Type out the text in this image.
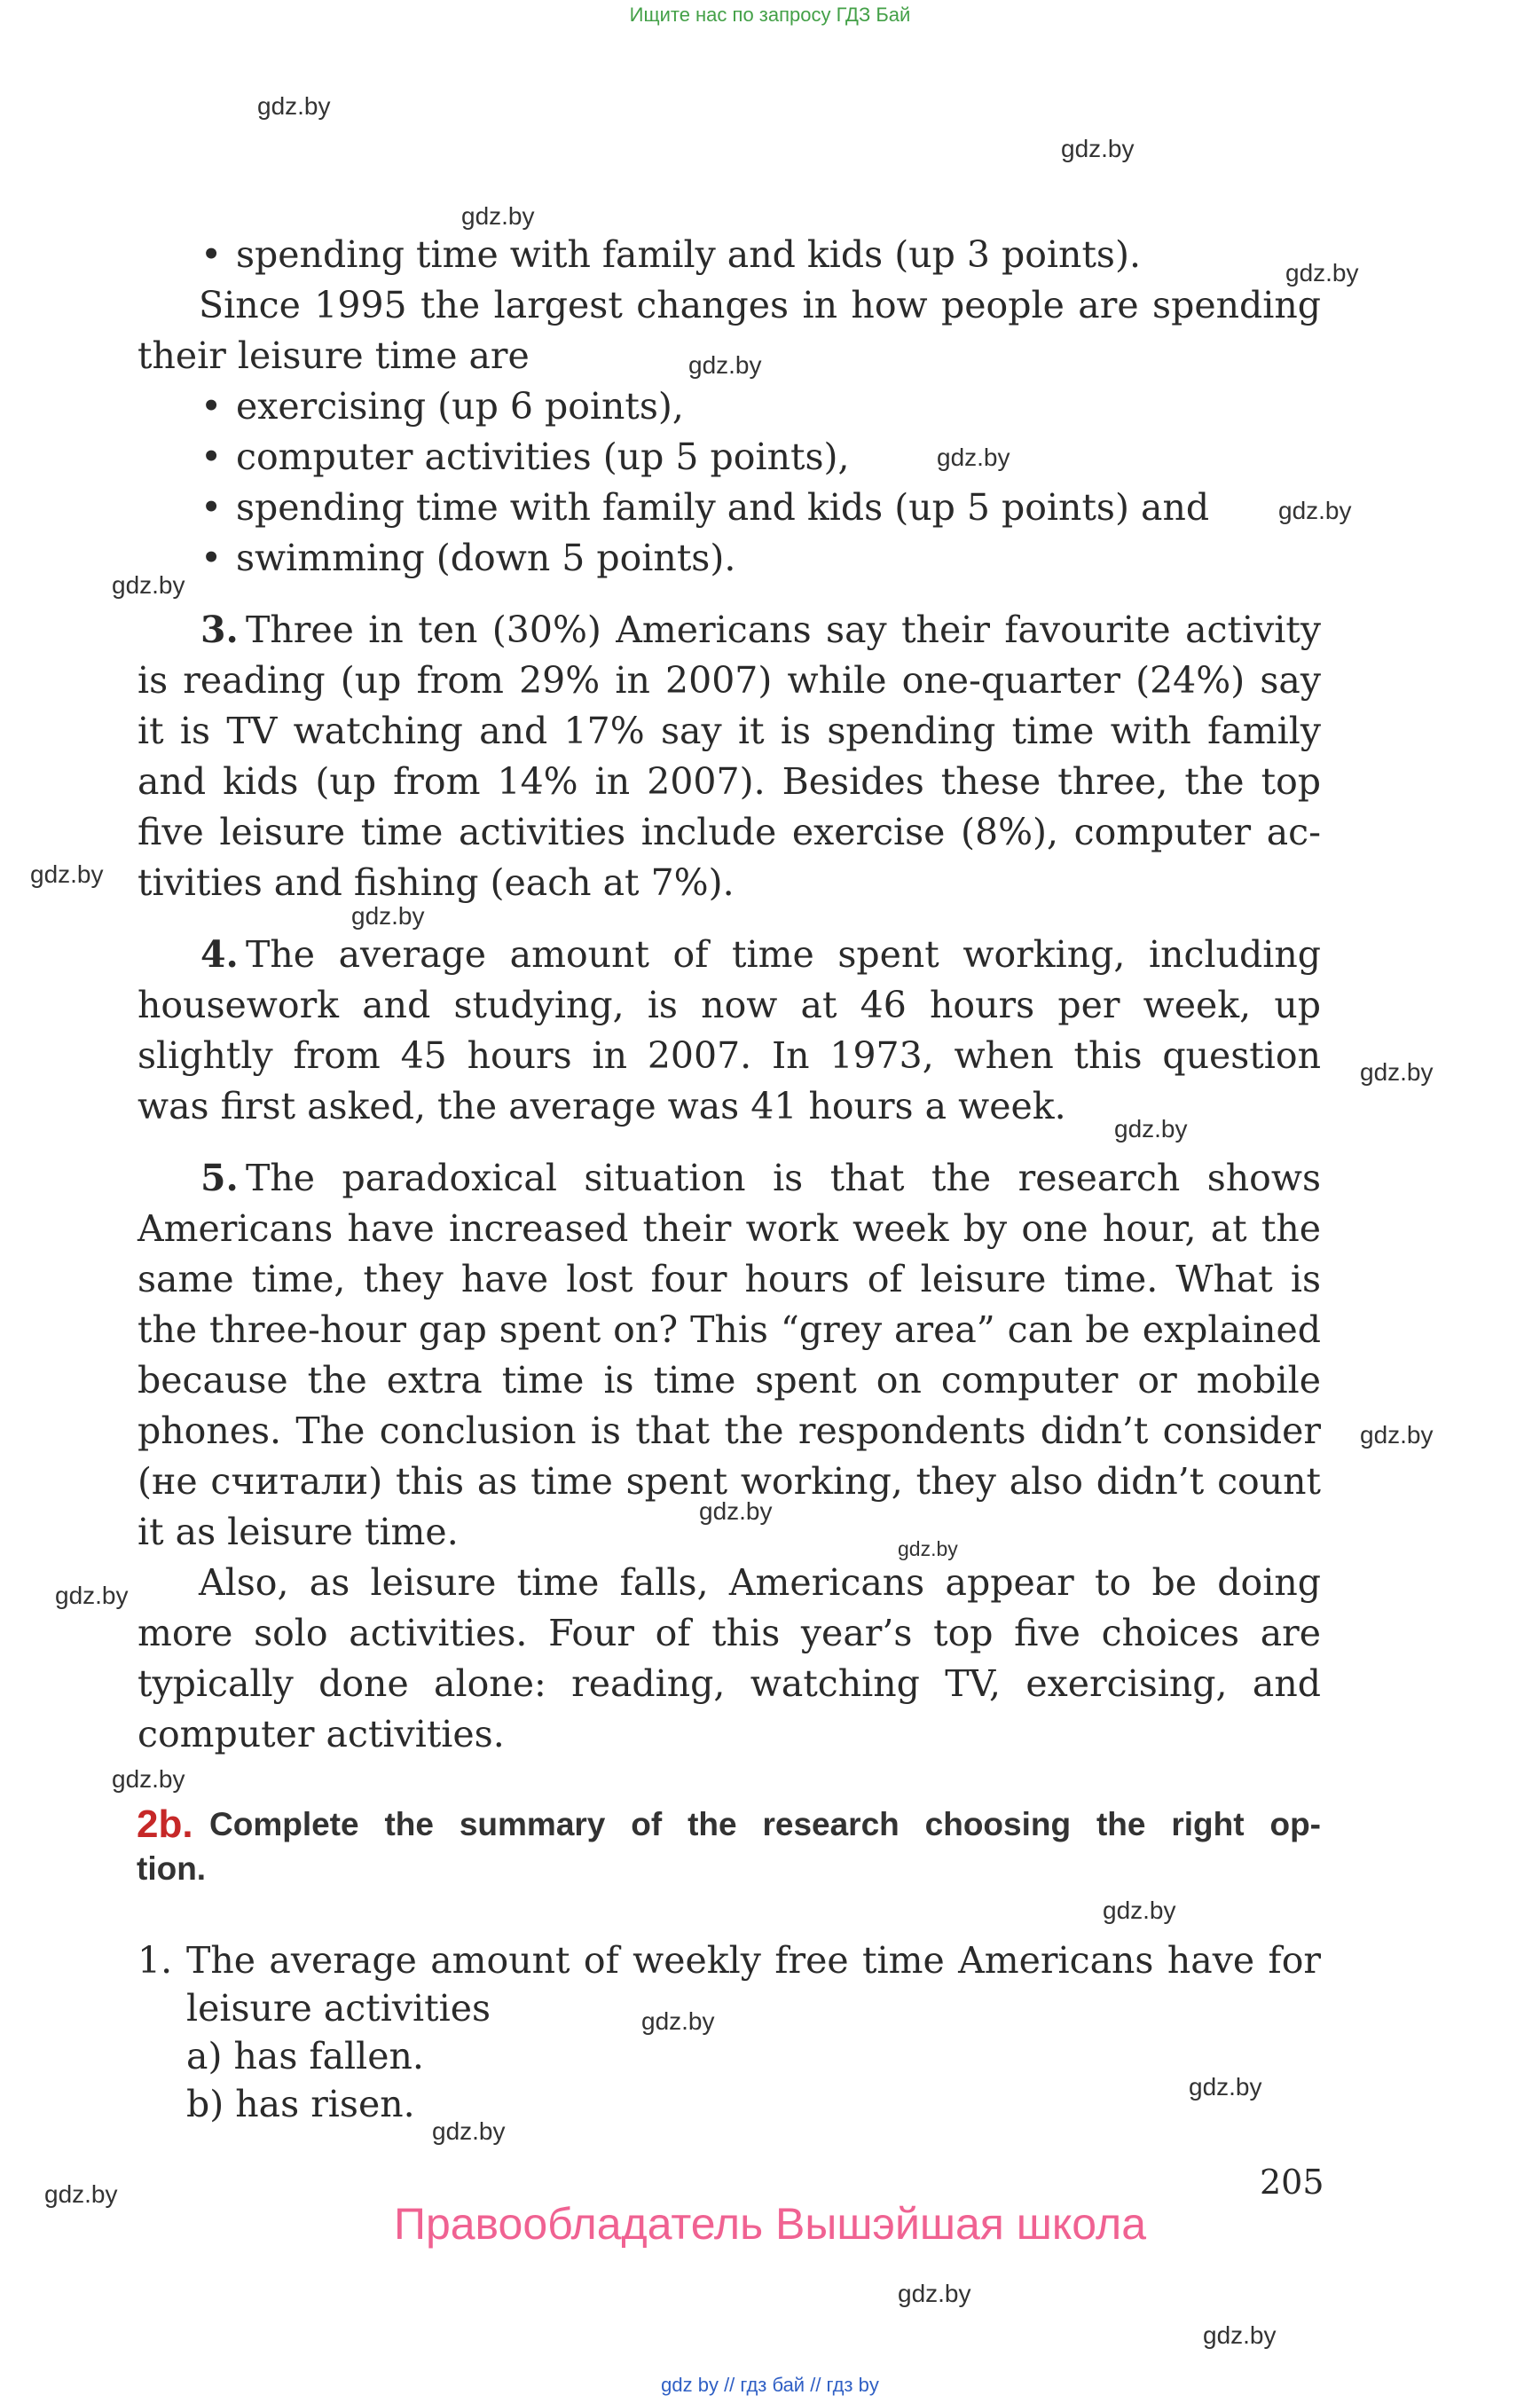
Ищите нас по запросу ГДЗ Бай
gdz.by
gdz.by
gdz.by
gdz.by
gdz.by
gdz.by
gdz.by
gdz.by
gdz.by
gdz.by
gdz.by
gdz.by
gdz.by
gdz.by
gdz.by
gdz.by
gdz.by
gdz.by
gdz.by
gdz.by
gdz.by
gdz.by
gdz.by
gdz.by
• spending time with family and kids (up 3 points).
Since 1995 the largest changes in how people are spending
their leisure time are
• exercising (up 6 points),
• computer activities (up 5 points),
• spending time with family and kids (up 5 points) and
• swimming (down 5 points).
3. Three in ten (30%) Americans say their favourite activity
is reading (up from 29% in 2007) while one-quarter (24%) say
it is TV watching and 17% say it is spending time with family
and kids (up from 14% in 2007). Besides these three, the top
five leisure time activities include exercise (8%), computer ac-
tivities and fishing (each at 7%).
4. The average amount of time spent working, including
housework and studying, is now at 46 hours per week, up
slightly from 45 hours in 2007. In 1973, when this question
was first asked, the average was 41 hours a week.
5. The paradoxical situation is that the research shows
Americans have increased their work week by one hour, at the
same time, they have lost four hours of leisure time. What is
the three-hour gap spent on? This “grey area” can be explained
because the extra time is time spent on computer or mobile
phones. The conclusion is that the respondents didn’t consider
(не считали) this as time spent working, they also didn’t count
it as leisure time.
Also, as leisure time falls, Americans appear to be doing
more solo activities. Four of this year’s top five choices are
typically done alone: reading, watching TV, exercising, and
computer activities.
2b. Complete the summary of the research choosing the right op-
tion.
1. The average amount of weekly free time Americans have for
leisure activities
a) has fallen.
b) has risen.
205
Правообладатель Вышэйшая школа
gdz by // гдз бай // гдз by
